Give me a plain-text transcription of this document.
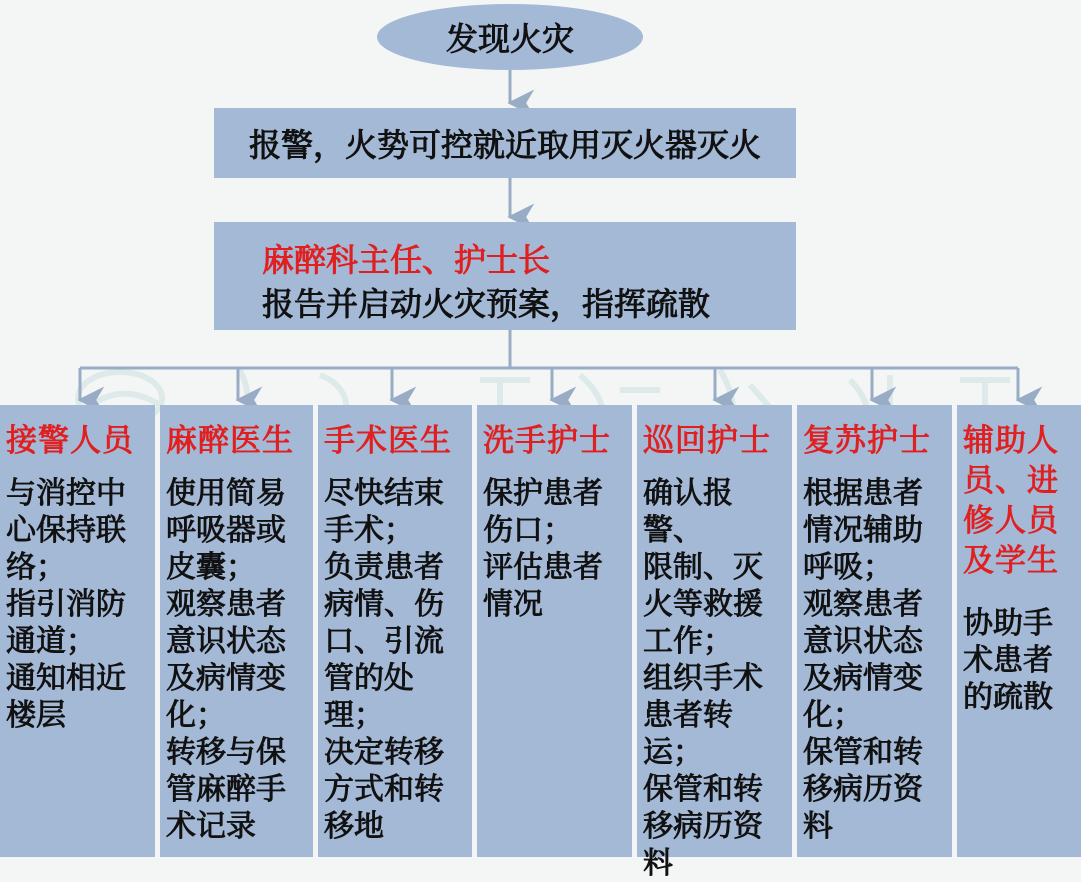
发现火灾
报警，火势可控就近取用灭火器灭火
麻醉科主任、护士长
报告并启动火灾预案，指挥疏散
接警人员
与消控中
心保持联
络；
指引消防
通道；
通知相近
楼层
麻醉医生
使用简易
呼吸器或
皮囊；
观察患者
意识状态
及病情变
化；
转移与保
管麻醉手
术记录
手术医生
尽快结束
手术；
负责患者
病情、伤
口、引流
管的处理；
决定转移
方式和转
移地
洗手护士
保护患者
伤口；
评估患者
情况
巡回护士
确认报警、
限制、灭
火等救援
工作；
组织手术
患者转运；
保管和转
移病历资
料
复苏护士
根据患者
情况辅助
呼吸；
观察患者
意识状态
及病情变
化；
保管和转
移病历资
料
辅助人
员、进
修人员
及学生
协助手
术患者
的疏散
